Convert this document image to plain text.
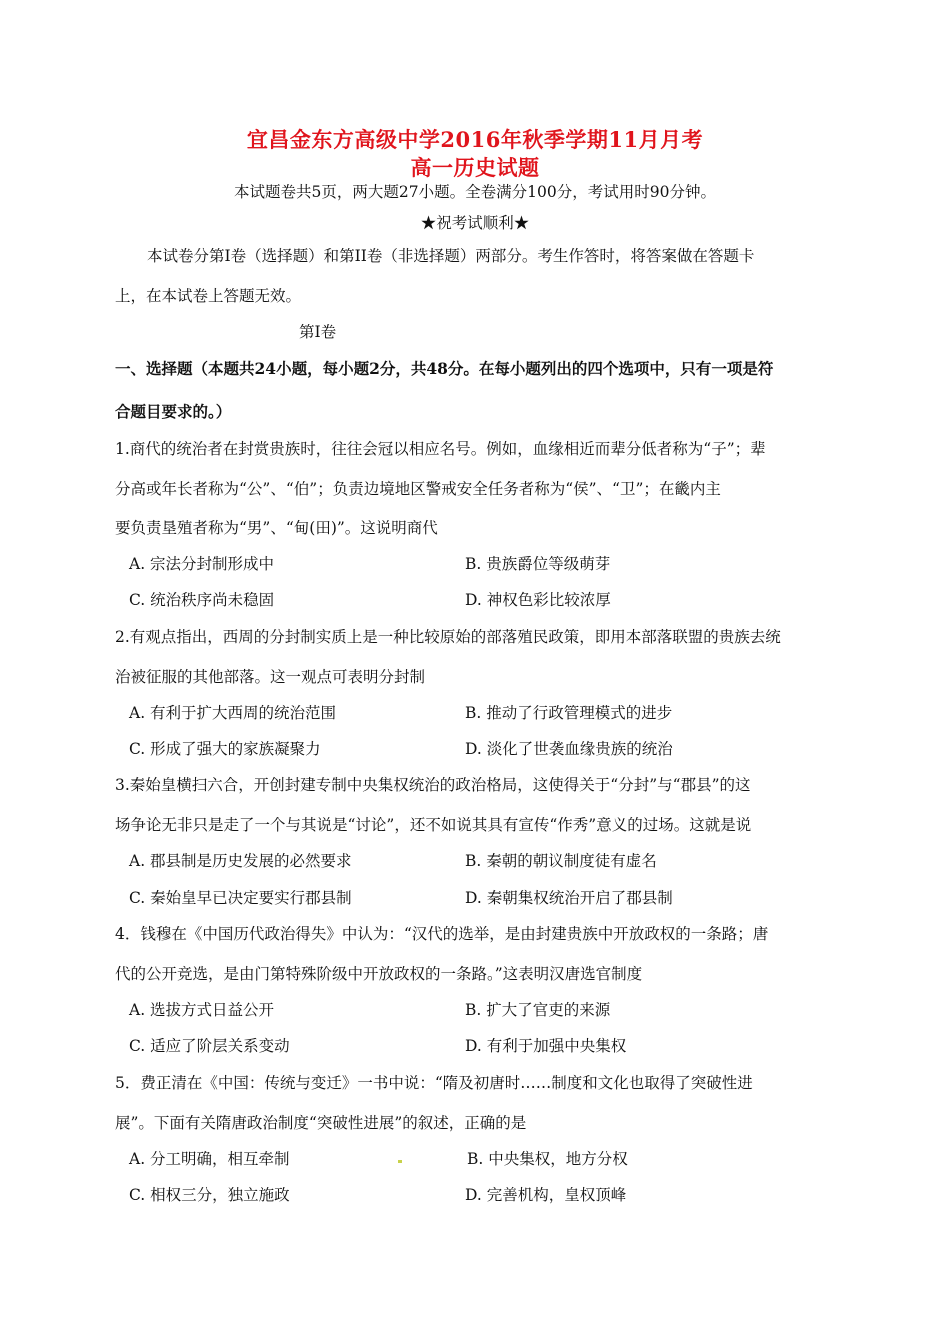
宜昌金东方高级中学2016年秋季学期11月月考
高一历史试题
本试题卷共5页，两大题27小题。全卷满分100分，考试用时90分钟。
★祝考试顺利★
本试卷分第Ⅰ卷（选择题）和第II卷（非选择题）两部分。考生作答时，将答案做在答题卡
上，在本试卷上答题无效。
第Ⅰ卷
一、选择题（本题共24小题，每小题2分，共48分。在每小题列出的四个选项中，只有一项是符
合题目要求的。）
1.商代的统治者在封赏贵族时，往往会冠以相应名号。例如，血缘相近而辈分低者称为“子”；辈
分高或年长者称为“公”、“伯”；负责边境地区警戒安全任务者称为“侯”、“卫”；在畿内主
要负责垦殖者称为“男”、“甸(田)”。这说明商代
A. 宗法分封制形成中	B. 贵族爵位等级萌芽
C. 统治秩序尚未稳固	D. 神权色彩比较浓厚
2.有观点指出，西周的分封制实质上是一种比较原始的部落殖民政策，即用本部落联盟的贵族去统
治被征服的其他部落。这一观点可表明分封制
A. 有利于扩大西周的统治范围	B. 推动了行政管理模式的进步
C. 形成了强大的家族凝聚力	D. 淡化了世袭血缘贵族的统治
3.秦始皇横扫六合，开创封建专制中央集权统治的政治格局，这使得关于“分封”与“郡县”的这
场争论无非只是走了一个与其说是“讨论”，还不如说其具有宣传“作秀”意义的过场。这就是说
A. 郡县制是历史发展的必然要求	B. 秦朝的朝议制度徒有虚名
C. 秦始皇早已决定要实行郡县制	D. 秦朝集权统治开启了郡县制
4．钱穆在《中国历代政治得失》中认为：“汉代的选举，是由封建贵族中开放政权的一条路；唐
代的公开竞选，是由门第特殊阶级中开放政权的一条路。”这表明汉唐选官制度
A. 选拔方式日益公开	B. 扩大了官吏的来源
C. 适应了阶层关系变动	D. 有利于加强中央集权
5．费正清在《中国：传统与变迁》一书中说：“隋及初唐时……制度和文化也取得了突破性进
展”。下面有关隋唐政治制度“突破性进展”的叙述，正确的是
A. 分工明确，相互牵制	B. 中央集权，地方分权
C. 相权三分，独立施政	D. 完善机构，皇权顶峰
